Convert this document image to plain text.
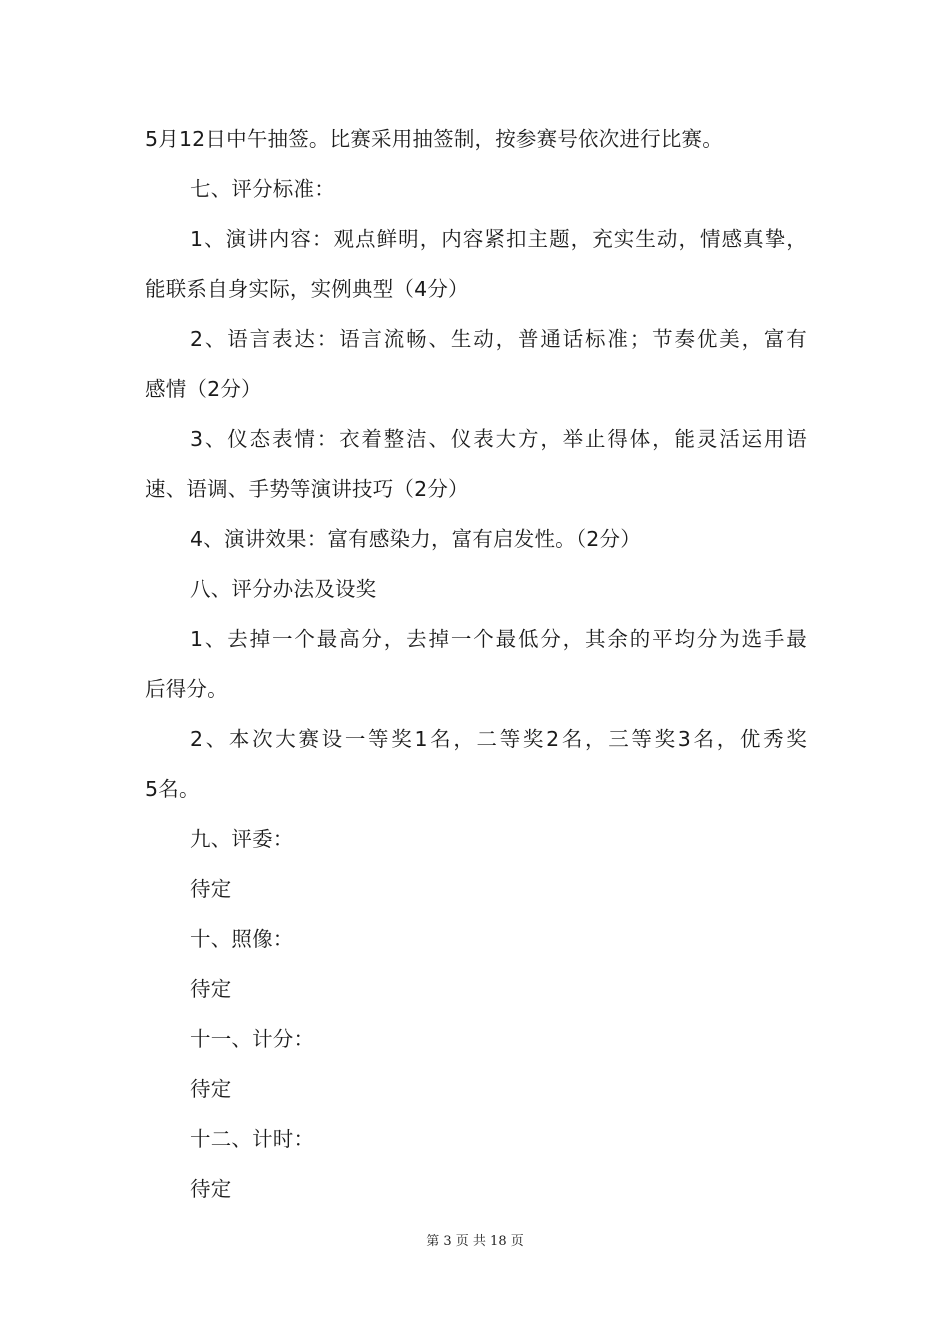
5月12日中午抽签。比赛采用抽签制，按参赛号依次进行比赛。
七、评分标准：
1、演讲内容：观点鲜明，内容紧扣主题，充实生动，情感真挚，
能联系自身实际，实例典型（4分）
2、语言表达：语言流畅、生动，普通话标准；节奏优美，富有
感情（2分）
3、仪态表情：衣着整洁、仪表大方，举止得体，能灵活运用语
速、语调、手势等演讲技巧（2分）
4、演讲效果：富有感染力，富有启发性。（2分）
八、评分办法及设奖
1、去掉一个最高分，去掉一个最低分，其余的平均分为选手最
后得分。
2、本次大赛设一等奖1名，二等奖2名，三等奖3名，优秀奖
5名。
九、评委：
待定
十、照像：
待定
十一、计分：
待定
十二、计时：
待定
第 3 页 共 18 页
